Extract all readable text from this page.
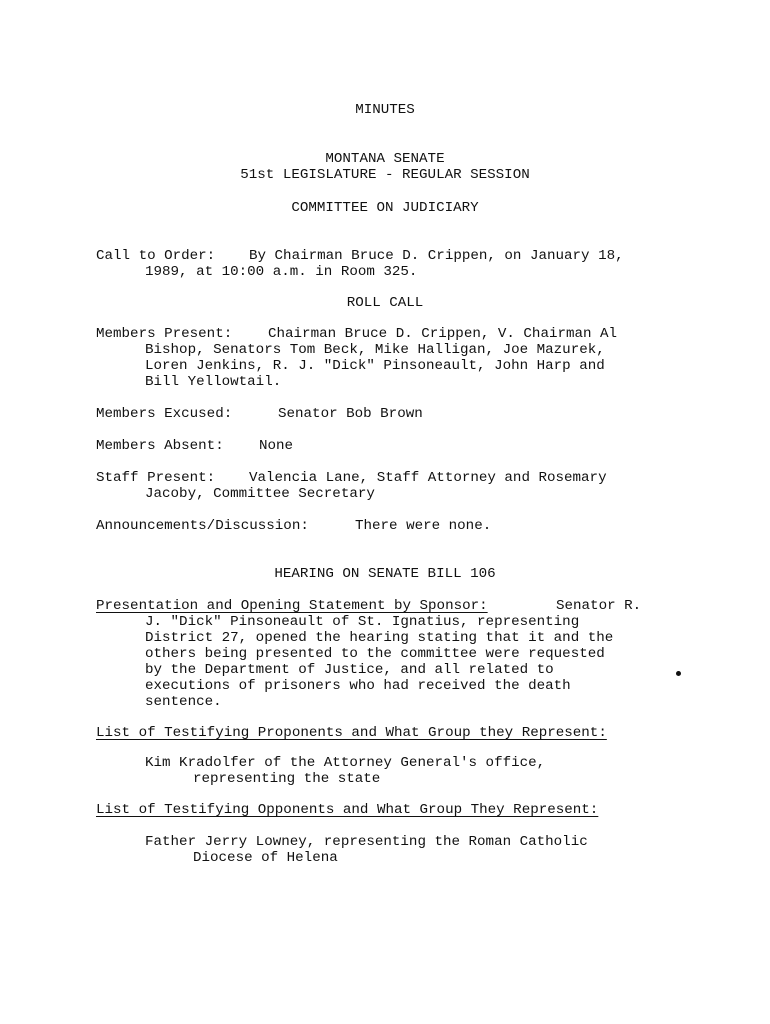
MINUTES
MONTANA SENATE
51st LEGISLATURE - REGULAR SESSION
COMMITTEE ON JUDICIARY
Call to Order: By Chairman Bruce D. Crippen, on January 18,
1989, at 10:00 a.m. in Room 325.
ROLL CALL
Members Present:	Chairman Bruce D. Crippen, V. Chairman Al
Bishop, Senators Tom Beck, Mike Halligan, Joe Mazurek,
Loren Jenkins, R. J. "Dick" Pinsoneault, John Harp and
Bill Yellowtail.
Members Excused:	Senator Bob Brown
Members Absent: None
Staff Present: Valencia Lane, Staff Attorney and Rosemary
Jacoby, Committee Secretary
Announcements/Discussion:	There were none.
HEARING ON SENATE BILL 106
Presentation and Opening Statement by Sponsor:	Senator R.
J. "Dick" Pinsoneault of St. Ignatius, representing
District 27, opened the hearing stating that it and the
others being presented to the committee were requested
by the Department of Justice, and all related to
executions of prisoners who had received the death
sentence.
List of Testifying Proponents and What Group they Represent:
Kim Kradolfer of the Attorney General's office,
representing the state
List of Testifying Opponents and What Group They Represent:
Father Jerry Lowney, representing the Roman Catholic
Diocese of Helena
